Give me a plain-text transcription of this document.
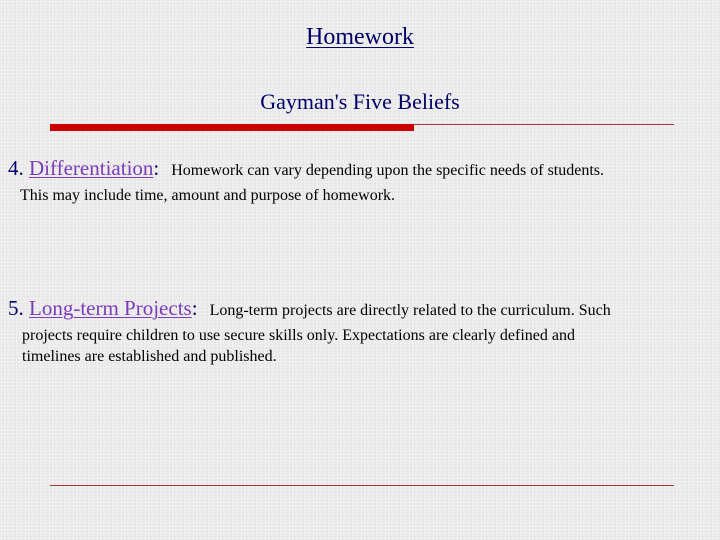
Homework
Gayman's Five Beliefs
4. Differentiation: Homework can vary depending upon the specific needs of students.
This may include time, amount and purpose of homework.
5. Long-term Projects: Long-term projects are directly related to the curriculum. Such
projects require children to use secure skills only. Expectations are clearly defined and
timelines are established and published.
